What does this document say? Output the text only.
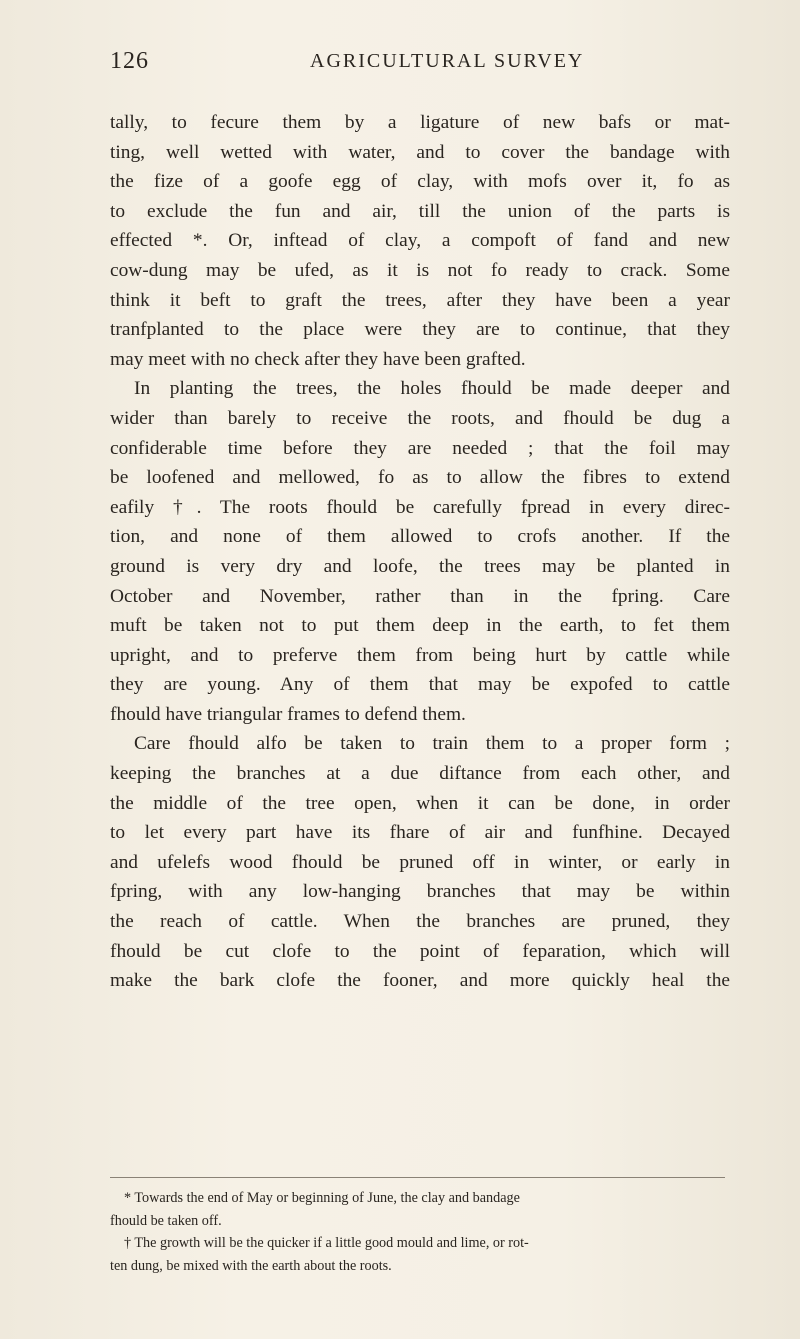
126	AGRICULTURAL SURVEY
tally, to fecure them by a ligature of new bafs or mat-
ting, well wetted with water, and to cover the bandage with
the fize of a goofe egg of clay, with mofs over it, fo as
to exclude the fun and air, till the union of the parts is
effected *. Or, inftead of clay, a compoft of fand and new
cow-dung may be ufed, as it is not fo ready to crack. Some
think it beft to graft the trees, after they have been a year
tranfplanted to the place were they are to continue, that they
may meet with no check after they have been grafted.
In planting the trees, the holes fhould be made deeper and
wider than barely to receive the roots, and fhould be dug a
confiderable time before they are needed ; that the foil may
be loofened and mellowed, fo as to allow the fibres to extend
eafily †. The roots fhould be carefully fpread in every direc-
tion, and none of them allowed to crofs another. If the
ground is very dry and loofe, the trees may be planted in
October and November, rather than in the fpring. Care
muft be taken not to put them deep in the earth, to fet them
upright, and to preferve them from being hurt by cattle while
they are young. Any of them that may be expofed to cattle
fhould have triangular frames to defend them.
Care fhould alfo be taken to train them to a proper form ;
keeping the branches at a due diftance from each other, and
the middle of the tree open, when it can be done, in order
to let every part have its fhare of air and funfhine. Decayed
and ufelefs wood fhould be pruned off in winter, or early in
fpring, with any low-hanging branches that may be within
the reach of cattle. When the branches are pruned, they
fhould be cut clofe to the point of feparation, which will
make the bark clofe the fooner, and more quickly heal the
* Towards the end of May or beginning of June, the clay and bandage
fhould be taken off.
† The growth will be the quicker if a little good mould and lime, or rot-
ten dung, be mixed with the earth about the roots.
